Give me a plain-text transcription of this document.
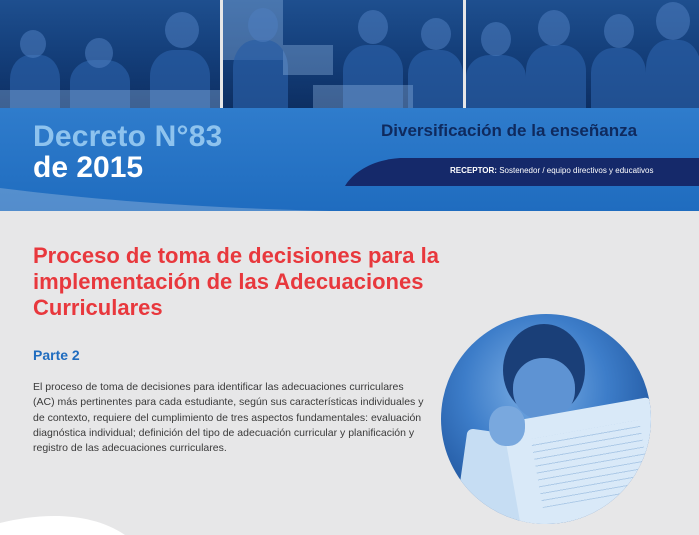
Decreto N°83
de 2015
Diversificación de la enseñanza
RECEPTOR: Sostenedor / equipo directivos y educativos
Proceso de toma de decisiones para la implementación de las Adecuaciones Curriculares
Parte 2

El proceso de toma de decisiones para identificar las adecuaciones curriculares (AC) más pertinentes para cada estudiante, según sus características individuales y de contexto, requiere del cumplimiento de tres aspectos fundamentales: evaluación diagnóstica individual; definición del tipo de adecuación curricular y planificación y registro de las adecuaciones curriculares.
